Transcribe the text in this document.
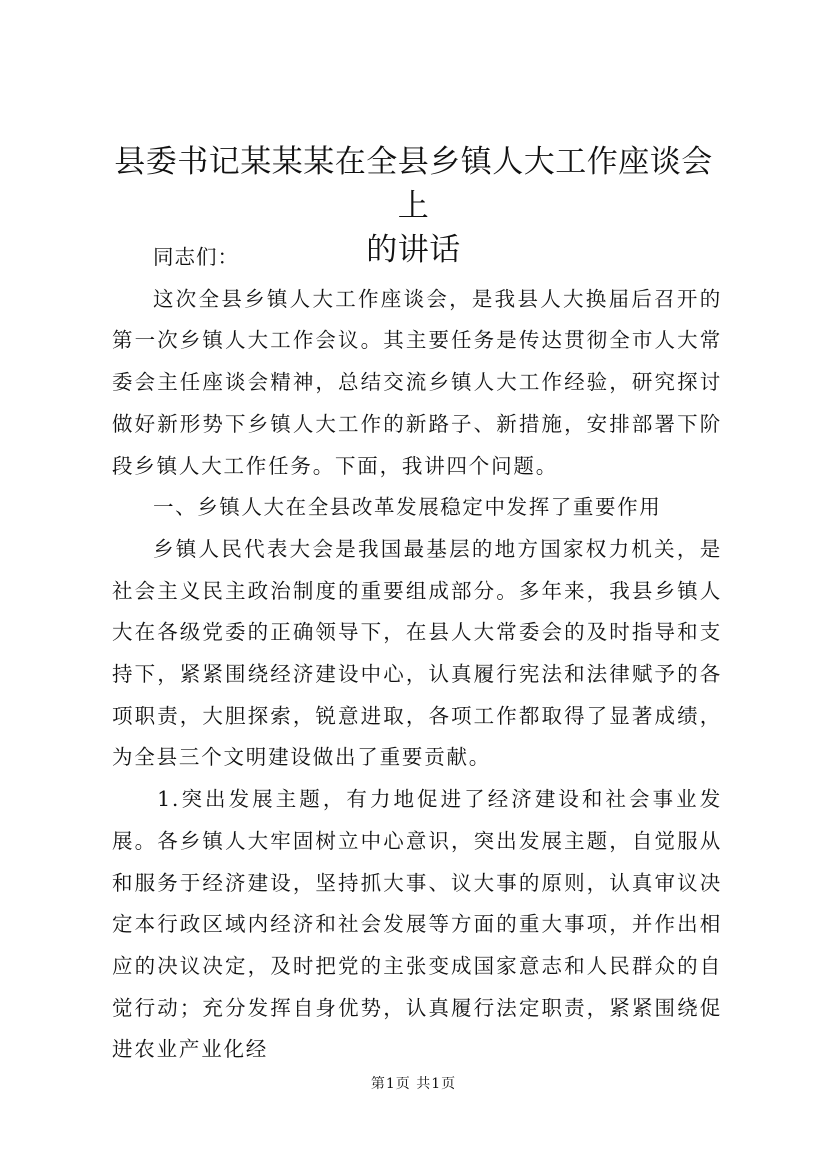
县委书记某某某在全县乡镇人大工作座谈会上
的讲话

同志们：

这次全县乡镇人大工作座谈会，是我县人大换届后召开的第一次乡镇人大工作会议。其主要任务是传达贯彻全市人大常委会主任座谈会精神，总结交流乡镇人大工作经验，研究探讨做好新形势下乡镇人大工作的新路子、新措施，安排部署下阶段乡镇人大工作任务。下面，我讲四个问题。

一、乡镇人大在全县改革发展稳定中发挥了重要作用

乡镇人民代表大会是我国最基层的地方国家权力机关，是社会主义民主政治制度的重要组成部分。多年来，我县乡镇人大在各级党委的正确领导下，在县人大常委会的及时指导和支持下，紧紧围绕经济建设中心，认真履行宪法和法律赋予的各项职责，大胆探索，锐意进取，各项工作都取得了显著成绩，为全县三个文明建设做出了重要贡献。

1.突出发展主题，有力地促进了经济建设和社会事业发展。各乡镇人大牢固树立中心意识，突出发展主题，自觉服从和服务于经济建设，坚持抓大事、议大事的原则，认真审议决定本行政区域内经济和社会发展等方面的重大事项，并作出相应的决议决定，及时把党的主张变成国家意志和人民群众的自觉行动；充分发挥自身优势，认真履行法定职责，紧紧围绕促进农业产业化经

第1页 共1页
